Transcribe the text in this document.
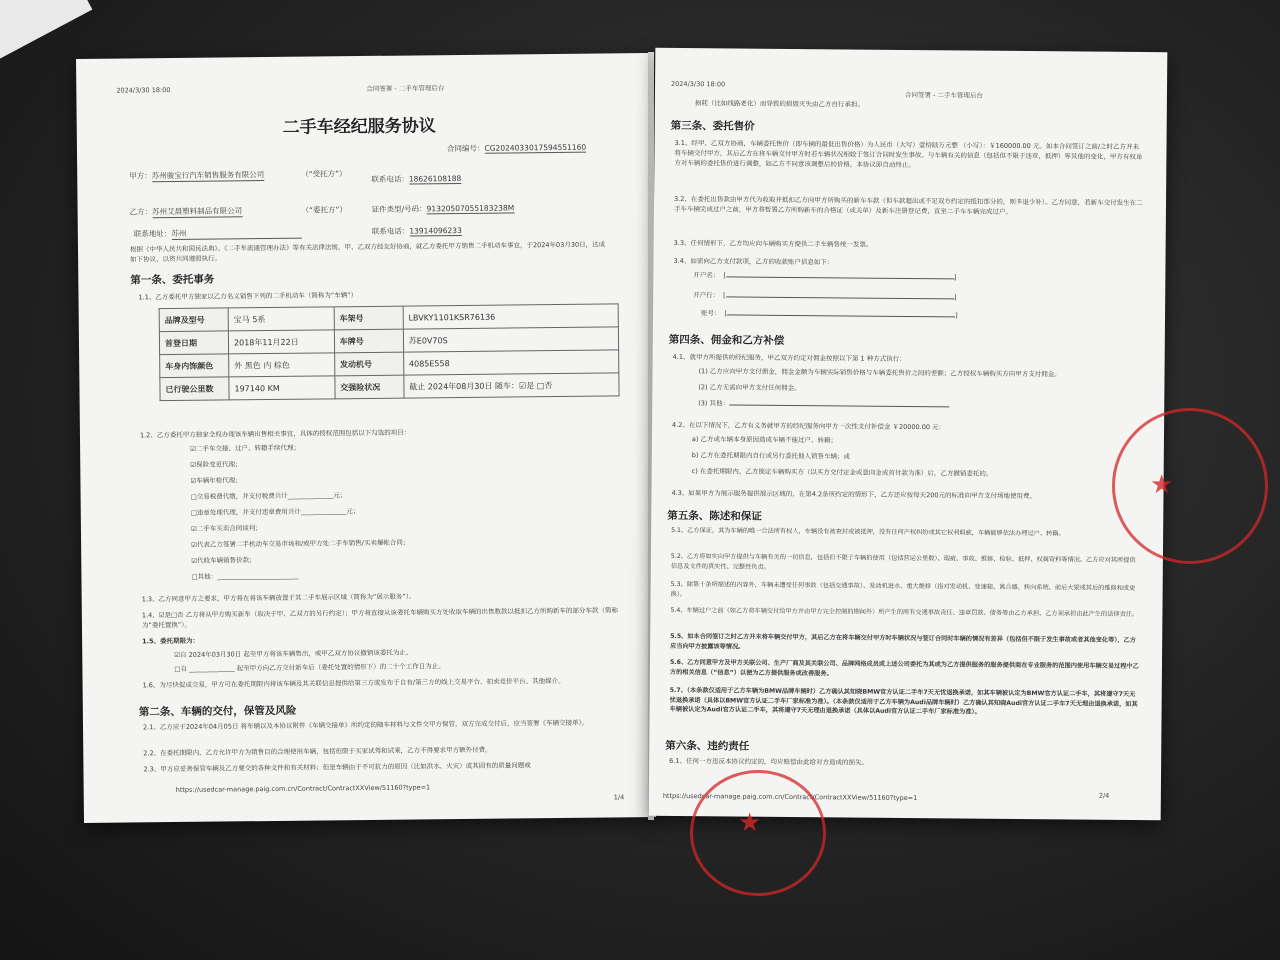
2024/3/30 18:00	合同签署 - 二手车管理后台
二手车经纪服务协议
合同编号：CG2024033017594551160
甲方：苏州骏宝行汽车销售服务有限公司	（“受托方”）
联系电话：18626108188
乙方：苏州艾晨塑料制品有限公司	（“委托方”）	证件类型/号码：91320507055183238M
联系地址：苏州	联系电话：13914096233
根据《中华人民共和国民法典》、《二手车流通管理办法》等有关法律法规，甲、乙双方经友好协商，就乙方委托甲方销售二手机动车事宜，于2024年03月30日，达成如下协议，以资共同遵照执行。
第一条、委托事务
1.1、乙方委托甲方独家以乙方名义销售下列的二手机动车（简称为“车辆”）
品牌及型号	宝马 5系	车架号	LBVKY1101KSR76136
首登日期	2018年11月22日	车牌号	苏E0V70S
车身内饰颜色	外 黑色 内 棕色	发动机号	4085E558
已行驶公里数	197140 KM	交强险状况	截止 2024年08月30日 随车：☑是 □否
1.2、乙方委托甲方独家全权办理该车辆出售相关事宜，具体的授权范围包括以下勾选的项目：
☑二手车交接、过户、转籍手续代理；
☑保险变更代理；
☑车辆年检代理；
□交易税费代缴，并支付税费共计______________元；
□违章处理代理，并支付违章费用共计______________元；
☑二手车买卖合同谈判；
☑代表乙方签署二手机动车交易市场和/或甲方处二手车销售/买卖爆帐合同；
☑代收车辆销售价款；
□其他：_________________________
1.3、乙方同意甲方之要求，甲方将在将该车辆放置于其二手车展示区域（简称为“展示服务”）。
1.4、☑是□否 乙方将从甲方购买新车（取决于甲、乙双方的另行约定）；甲方将直接从该委托车辆购买方处收取车辆的出售数款以抵扣乙方所购新车的部分车款（简称为“委托置换”）。
1.5、委托期限为：
☑自 2024年03月30日 起至甲方将该车辆售出，或甲乙双方协议撤销该委托为止。
□自 ______________ 起至甲方向乙方交付新车后（委托处置的情形下）的二十个工作日为止。
1.6、为尽快促成交易，甲方可在委托期限内将该车辆及其关联信息提供给第三方或发布于自有/第三方的线上交易平台、拍卖竞价平台、其他媒介。
第二条、车辆的交付，保管及风险
2.1、乙方应于2024年04月05日 将车辆以及本协议附件《车辆交接单》所约定的随车材料与文件交甲方保管，双方完成交付后，应当签署《车辆交接单》。
2.2、在委托期限内，乙方允许甲方为销售目的合理使用车辆，包括但限于买家试驾和试乘，乙方不得要求甲方额外付费。
2.3、甲方应妥善保管车辆及乙方要交的各种文件和有关材料；但是车辆由于不可抗力的原因（比如洪水、火灾）或其固有的质量问题或
https://usedcar-manage.paig.com.cn/Contract/ContractXXView/51160?type=1
1/4
2024/3/30 18:00
合同签署 - 二手车管理后台
损耗（比如线路老化）而导致的损毁灭失由乙方自行承担。
第三条、委托售价
3.1、经甲、乙双方协商，车辆委托售价（即车辆的最低出售价格）为人民币（大写）壹拾陆万元整 （小写）：￥160000.00 元。如本合同签订之前/之时乙方并未将车辆交付甲方，其后乙方在将车辆交付甲方时若车辆状况相较于签订合同时发生事故、与车辆有关的信息（包括但不限于违章，抵押）等其他的变化，甲方有权单方对车辆的委托售价进行调整，如乙方不同意该调整后的价格，本协议即自动终止。
3.2、在委托出售款由甲方代为收取并抵扣乙方向甲方所购买的新车车款（但车款超出或不足双方约定的抵扣部分的，则多退少补）。乙方同意，若新车交付发生在二手车车辆完成过户之前，甲方将暂置乙方所购新车的合格证（或关单）及新车注册登记费，直至二手车车辆完成过户。
3.3、任何情形下，乙方均应向车辆购买方提供二手车辆售统一发票。
3.4、如需向乙方支付款项，乙方的收款账户信息如下：
开户名： [	]
开户行： [	]
账号： [	]
第四条、佣金和乙方补偿
4.1、就甲方所提供的经纪服务，甲乙双方约定对佣金按照以下第 1 种方式执行：
(1) 乙方应向甲方支付佣金，佣金金额为车辆实际销售价格与车辆委托售价之间的差额；乙方授权车辆购买方向甲方支付佣金。
(2) 乙方无需向甲方支付任何佣金。
(3) 其他：
4.2、在以下情况下，乙方有义务就甲方的经纪服务向甲方一次性支付补偿金 ￥20000.00 元：
a) 乙方或车辆本身原因造成车辆不能过户、转籍；
b) 乙方在委托期限内自行或另行委托他人销售车辆；或
c) 在委托期限内，乙方锁定车辆购买方（以买方交付定金或意向金或首付款为准）后，乙方撤销委托的。
4.3、如果甲方为展示服务提供展示区域的，在第4.2条所约定的情形下，乙方还应按每天200元的标准向甲方支付场地使用费。
第五条、陈述和保证
5.1、乙方保证，其为车辆的唯一合法所有权人，车辆没有被查封或被抵押，没有任何产权纠纷或其它权利瑕疵，车辆能够依法办理过户、转籍。
5.2、乙方将如实向甲方提供与车辆有关的一切信息，包括但不限于车辆的使用（包括营运公里数）、瑕疵、事故、维修、检验、抵押、权属资料等情况。乙方应对其所提供信息及文件的真实性、完整性负责。
5.3、除第十条所描述的内容外，车辆未遭受任何事故（包括交通事故）、发动机进水、重大维修（指对发动机、变速箱、离合器、转向系统、前后大梁或其后的维修和或更换）。
5.4、车辆过户之前（如乙方将车辆交付给甲方并由甲方完全控制的期间外）所产生的所有交通事故责任、违章罚款、债务等由乙方承担，乙方须承担由此产生的法律责任。
5.5、如本合同签订之时乙方并未将车辆交付甲方，其后乙方在将车辆交付甲方时车辆状况与签订合同时车辆的情况有差异（包括但不限于发生事故或者其他变化等），乙方应当向甲方披露该等情况。
5.6、乙方同意甲方及甲方关联公司、生产厂商及其关联公司、品牌网络成员或上述公司委托为其或为乙方提供服务的服务提供商在专业服务的范围内使用车辆交易过程中乙方的相关信息（“信息”）以便为乙方提供服务或改善服务。
5.7、（本条款仅适用于乙方车辆为BMW品牌车辆时）乙方确认其知晓BMW官方认证二手车7天无忧退换承诺，如其车辆被认定为BMW官方认证二手车，其将遵守7天无忧退换承诺（具体以BMW官方认证二手车厂家标准为准）。（本条款仅适用于乙方车辆为Audi品牌车辆时）乙方确认其知晓Audi官方认证二手车7天无理由退换承诺，如其车辆被认定为Audi官方认证二手车，其将遵守7天无理由退换承诺（具体以Audi官方认证二手车厂家标准为准）。
第六条、违约责任
6.1、任何一方违反本协议约定的，均应赔偿由此给对方造成的损失。
https://usedcar-manage.paig.com.cn/Contract/ContractXXView/51160?type=1	2/4
★
★
